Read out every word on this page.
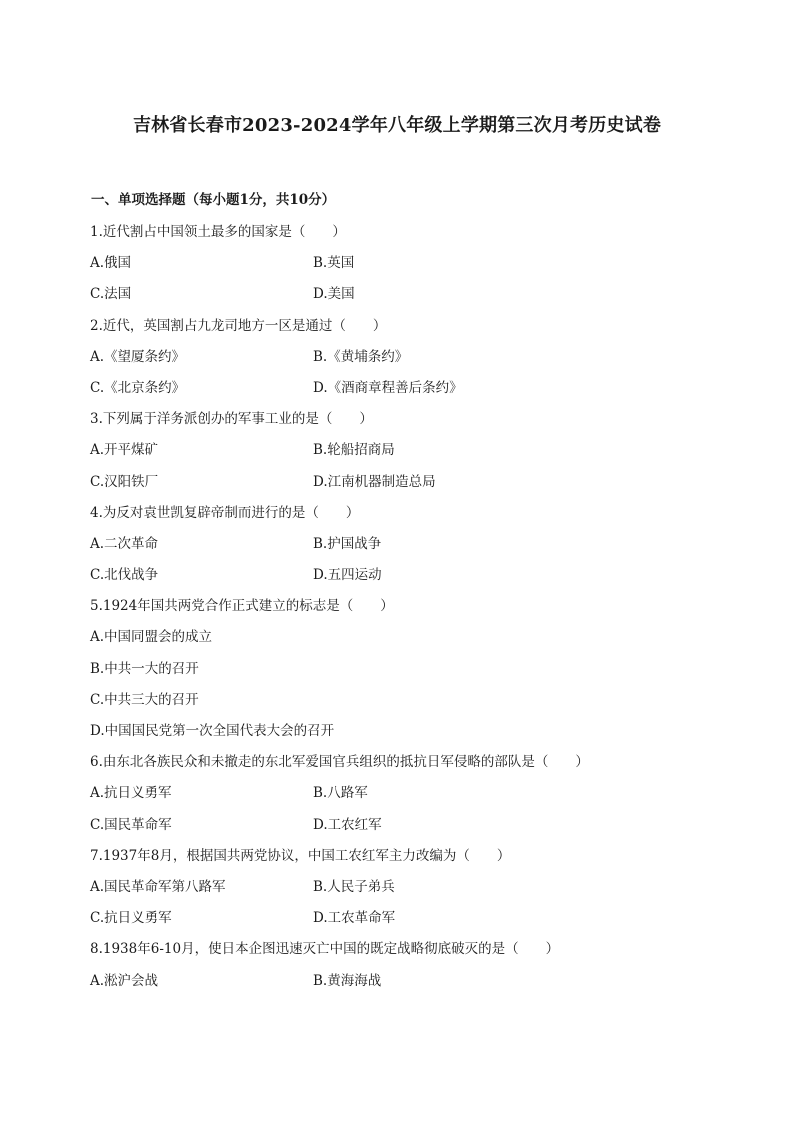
吉林省长春市2023-2024学年八年级上学期第三次月考历史试卷
一、单项选择题（每小题1分，共10分）
1.近代割占中国领土最多的国家是（　　）
A.俄国	B.英国
C.法国	D.美国
2.近代，英国割占九龙司地方一区是通过（　　）
A.《望厦条约》	B.《黄埔条约》
C.《北京条约》	D.《酒商章程善后条约》
3.下列属于洋务派创办的军事工业的是（　　）
A.开平煤矿	B.轮船招商局
C.汉阳铁厂	D.江南机器制造总局
4.为反对袁世凯复辟帝制而进行的是（　　）
A.二次革命	B.护国战争
C.北伐战争	D.五四运动
5.1924年国共两党合作正式建立的标志是（　　）
A.中国同盟会的成立
B.中共一大的召开
C.中共三大的召开
D.中国国民党第一次全国代表大会的召开
6.由东北各族民众和未撤走的东北军爱国官兵组织的抵抗日军侵略的部队是（　　）
A.抗日义勇军	B.八路军
C.国民革命军	D.工农红军
7.1937年8月，根据国共两党协议，中国工农红军主力改编为（　　）
A.国民革命军第八路军	B.人民子弟兵
C.抗日义勇军	D.工农革命军
8.1938年6-10月，使日本企图迅速灭亡中国的既定战略彻底破灭的是（　　）
A.淞沪会战	B.黄海海战
